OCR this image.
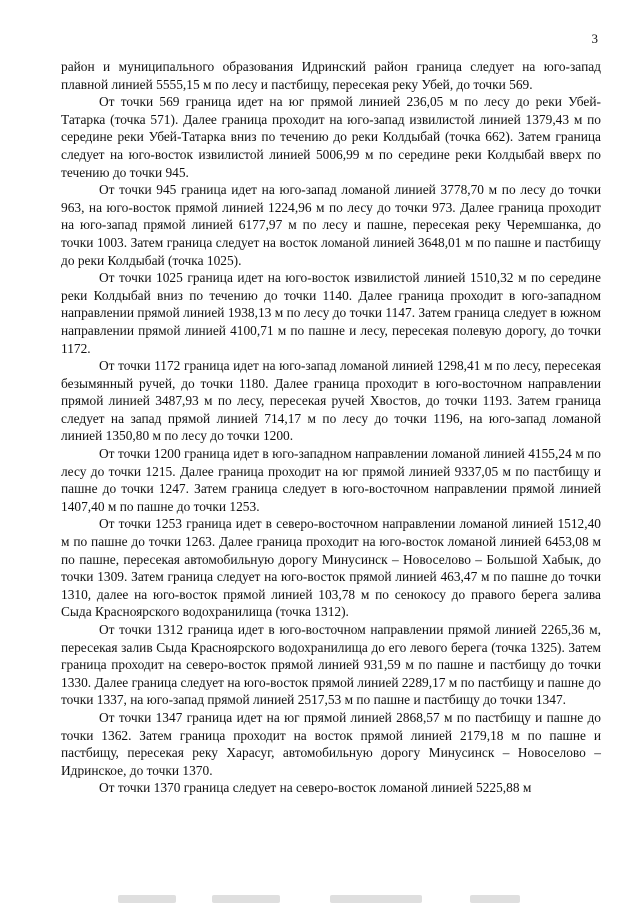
3

район и муниципального образования Идринский район граница следует на юго-запад плавной линией 5555,15 м по лесу и пастбищу, пересекая реку Убей, до точки 569.

От точки 569 граница идет на юг прямой линией 236,05 м по лесу до реки Убей-Татарка (точка 571). Далее граница проходит на юго-запад извилистой линией 1379,43 м по середине реки Убей-Татарка вниз по течению до реки Колдыбай (точка 662). Затем граница следует на юго-восток извилистой линией 5006,99 м по середине реки Колдыбай вверх по течению до точки 945.

От точки 945 граница идет на юго-запад ломаной линией 3778,70 м по лесу до точки 963, на юго-восток прямой линией 1224,96 м по лесу до точки 973. Далее граница проходит на юго-запад прямой линией 6177,97 м по лесу и пашне, пересекая реку Черемшанка, до точки 1003. Затем граница следует на восток ломаной линией 3648,01 м по пашне и пастбищу до реки Колдыбай (точка 1025).

От точки 1025 граница идет на юго-восток извилистой линией 1510,32 м по середине реки Колдыбай вниз по течению до точки 1140. Далее граница проходит в юго-западном направлении прямой линией 1938,13 м по лесу до точки 1147. Затем граница следует в южном направлении прямой линией 4100,71 м по пашне и лесу, пересекая полевую дорогу, до точки 1172.

От точки 1172 граница идет на юго-запад ломаной линией 1298,41 м по лесу, пересекая безымянный ручей, до точки 1180. Далее граница проходит в юго-восточном направлении прямой линией 3487,93 м по лесу, пересекая ручей Хвостов, до точки 1193. Затем граница следует на запад прямой линией 714,17 м по лесу до точки 1196, на юго-запад ломаной линией 1350,80 м по лесу до точки 1200.

От точки 1200 граница идет в юго-западном направлении ломаной линией 4155,24 м по лесу до точки 1215. Далее граница проходит на юг прямой линией 9337,05 м по пастбищу и пашне до точки 1247. Затем граница следует в юго-восточном направлении прямой линией 1407,40 м по пашне до точки 1253.

От точки 1253 граница идет в северо-восточном направлении ломаной линией 1512,40 м по пашне до точки 1263. Далее граница проходит на юго-восток ломаной линией 6453,08 м по пашне, пересекая автомобильную дорогу Минусинск – Новоселово – Большой Хабык, до точки 1309. Затем граница следует на юго-восток прямой линией 463,47 м по пашне до точки 1310, далее на юго-восток прямой линией 103,78 м по сенокосу до правого берега залива Сыда Красноярского водохранилища (точка 1312).

От точки 1312 граница идет в юго-восточном направлении прямой линией 2265,36 м, пересекая залив Сыда Красноярского водохранилища до его левого берега (точка 1325). Затем граница проходит на северо-восток прямой линией 931,59 м по пашне и пастбищу до точки 1330. Далее граница следует на юго-восток прямой линией 2289,17 м по пастбищу и пашне до точки 1337, на юго-запад прямой линией 2517,53 м по пашне и пастбищу до точки 1347.

От точки 1347 граница идет на юг прямой линией 2868,57 м по пастбищу и пашне до точки 1362. Затем граница проходит на восток прямой линией 2179,18 м по пашне и пастбищу, пересекая реку Харасуг, автомобильную дорогу Минусинск – Новоселово – Идринское, до точки 1370.

От точки 1370 граница следует на северо-восток ломаной линией 5225,88 м
